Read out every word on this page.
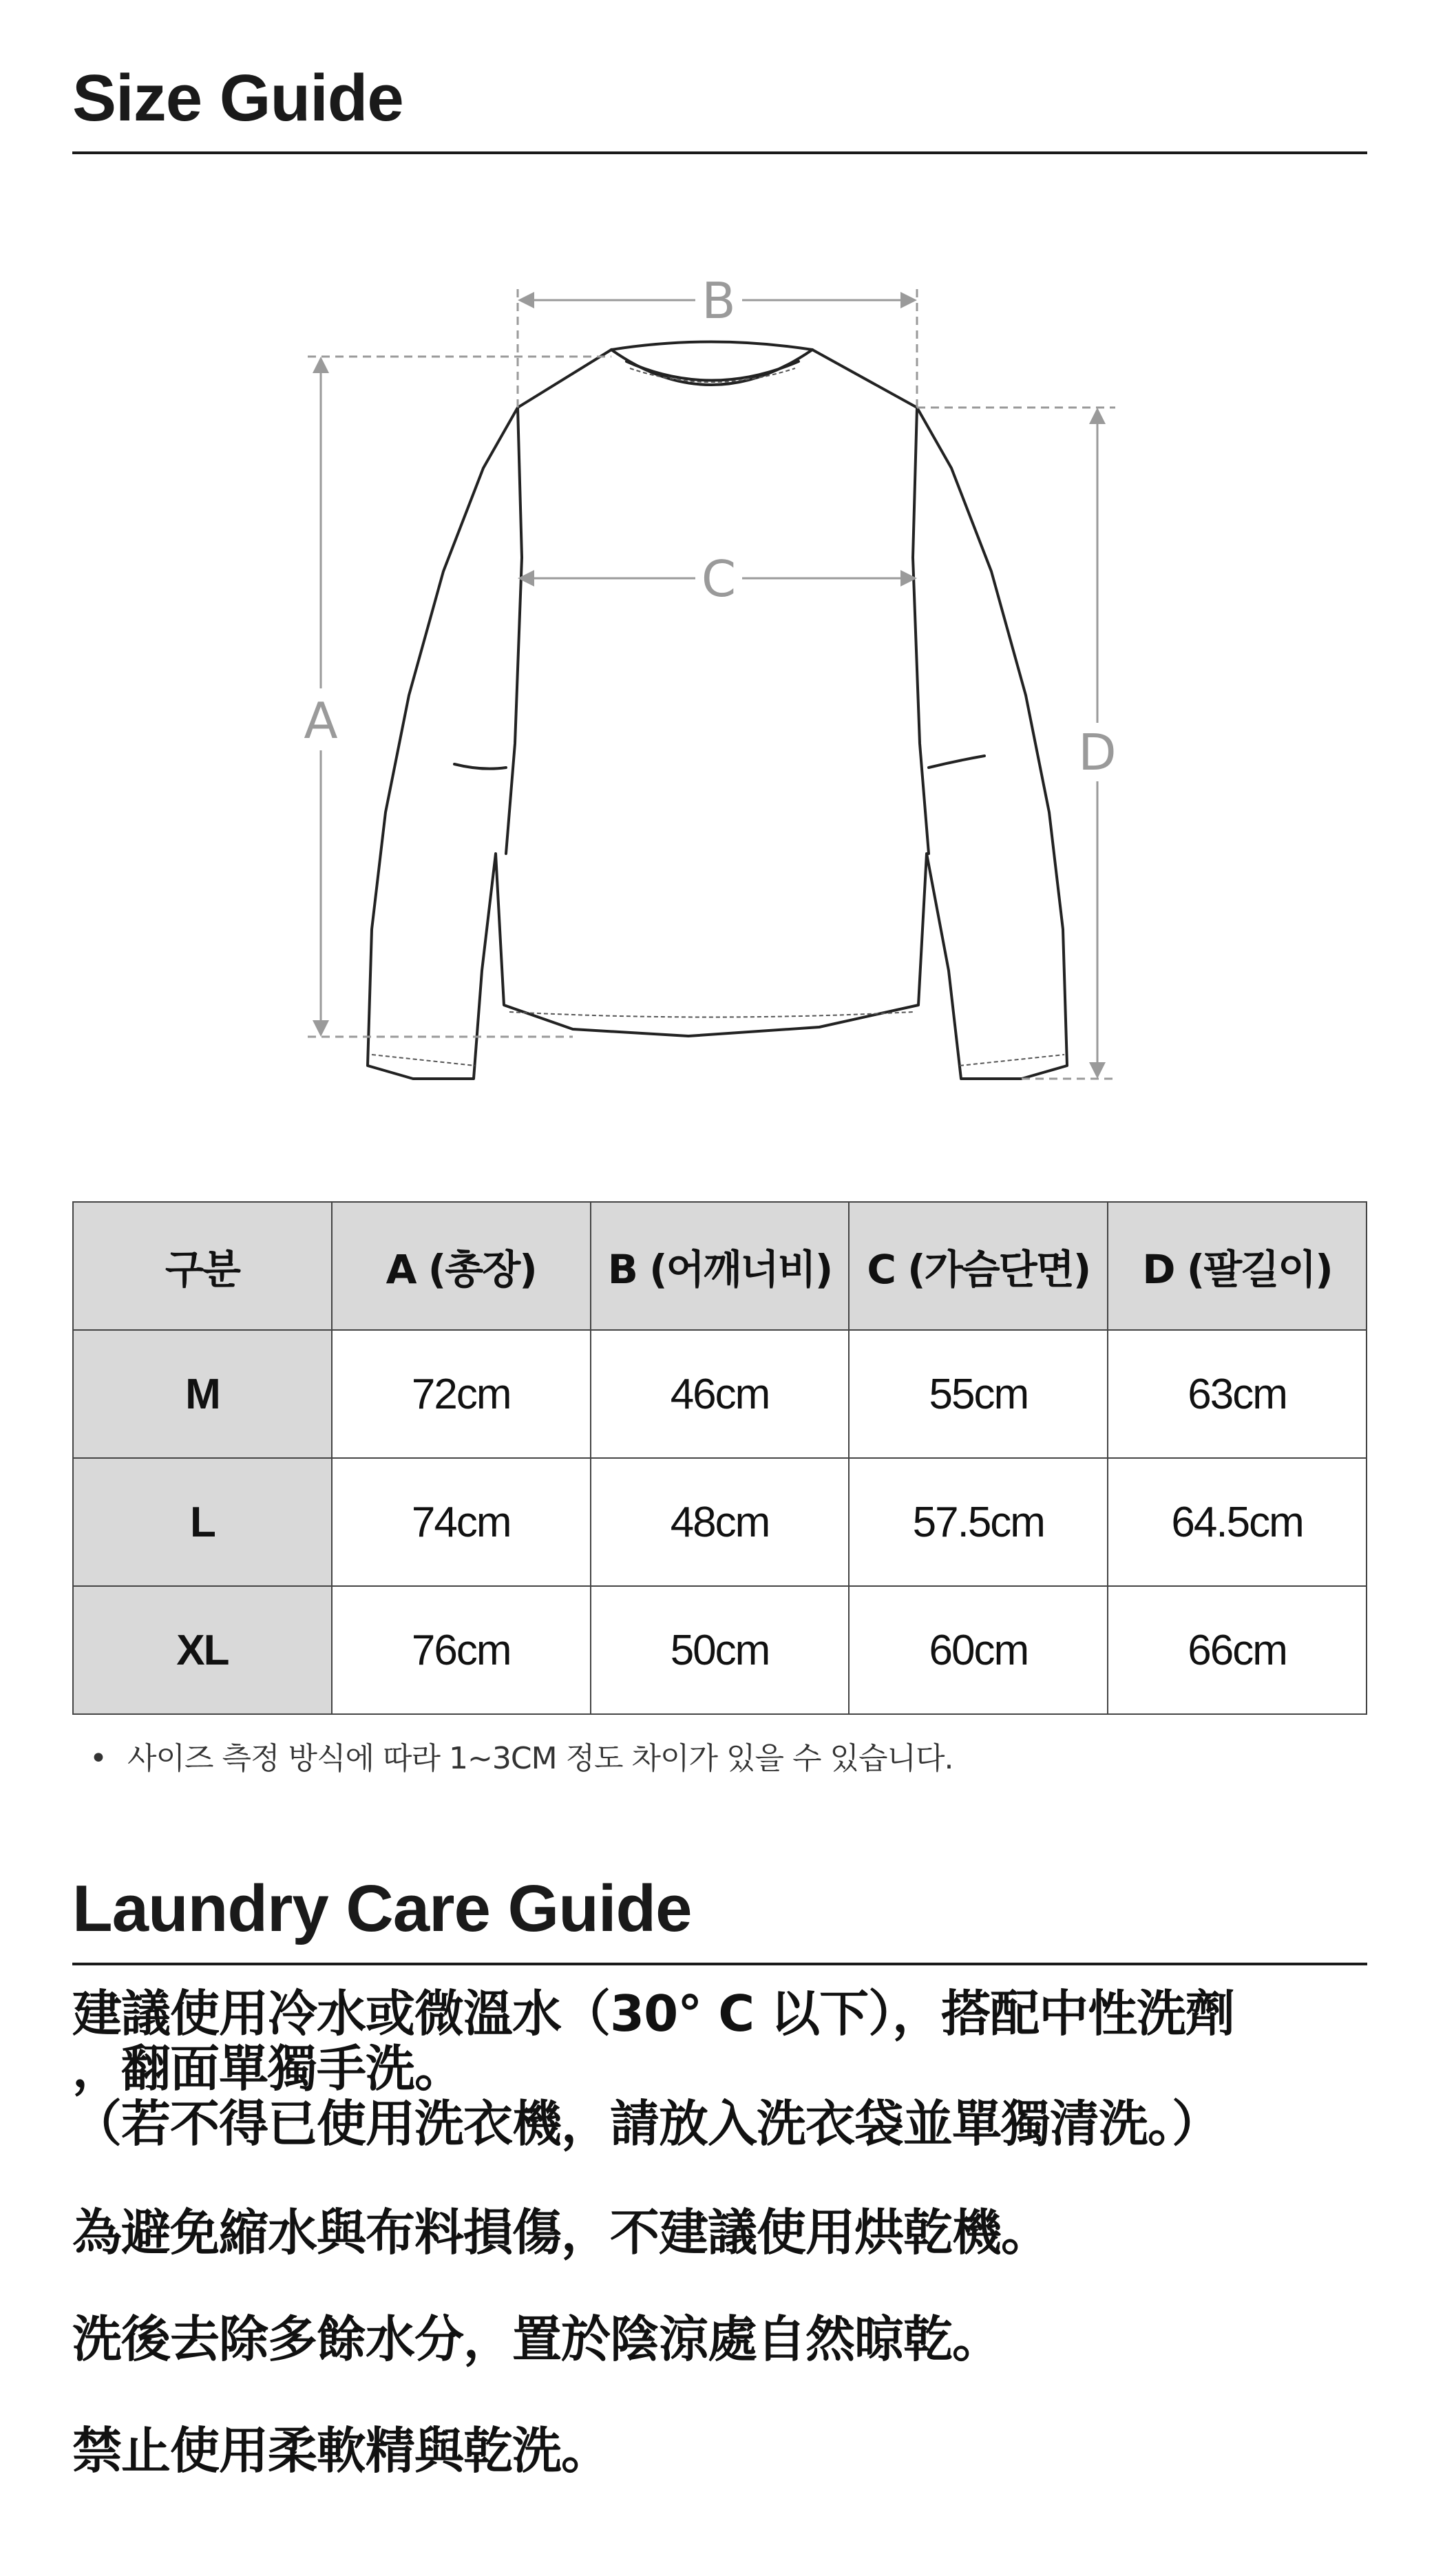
Size Guide
A
B
C
D
구분	A (총장)	B (어깨너비)	C (가슴단면)	D (팔길이)
M	72cm	46cm	55cm	63cm
L	74cm	48cm	57.5cm	64.5cm
XL	76cm	50cm	60cm	66cm
• 사이즈 측정 방식에 따라 1~3CM 정도 차이가 있을 수 있습니다.
Laundry Care Guide
建議使用冷水或微溫水（30° C 以下），搭配中性洗劑
，翻面單獨手洗。
（若不得已使用洗衣機，請放入洗衣袋並單獨清洗。）
為避免縮水與布料損傷，不建議使用烘乾機。
洗後去除多餘水分，置於陰涼處自然晾乾。
禁止使用柔軟精與乾洗。
